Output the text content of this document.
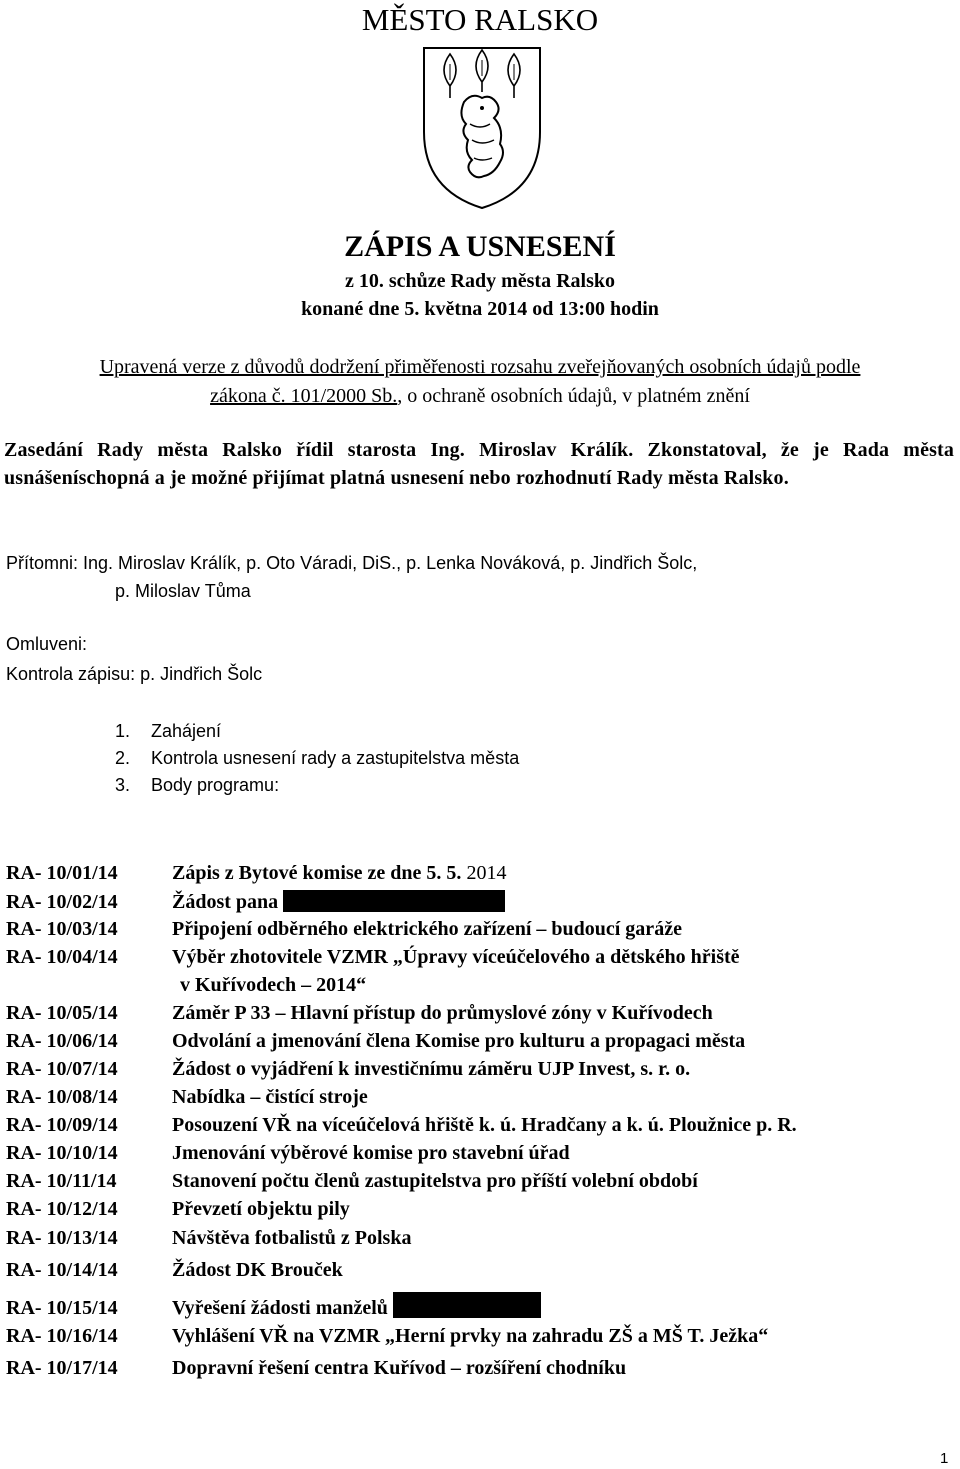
MĚSTO RALSKO
ZÁPIS A USNESENÍ
z 10. schůze Rady města Ralsko
konané dne 5. května 2014 od 13:00 hodin
Upravená verze z důvodů dodržení přiměřenosti rozsahu zveřejňovaných osobních údajů podle
zákona č. 101/2000 Sb., o ochraně osobních údajů, v platném znění
Zasedání Rady města Ralsko řídil starosta Ing. Miroslav Králík. Zkonstatoval, že je Rada města usnášeníschopná a je možné přijímat platná usnesení nebo rozhodnutí Rady města Ralsko.
Přítomni: Ing. Miroslav Králík, p. Oto Váradi, DiS., p. Lenka Nováková, p. Jindřich Šolc,
p. Miloslav Tůma
Omluveni:
Kontrola zápisu: p. Jindřich Šolc
1. Zahájení
2. Kontrola usnesení rady a zastupitelstva města
3. Body programu:
RA- 10/01/14	Zápis z Bytové komise ze dne 5. 5. 2014
RA- 10/02/14	Žádost pana
RA- 10/03/14	Připojení odběrného elektrického zařízení – budoucí garáže
RA- 10/04/14	Výběr zhotovitele VZMR „Úpravy víceúčelového a dětského hřiště
v Kuřívodech – 2014“
RA- 10/05/14	Záměr P 33 – Hlavní přístup do průmyslové zóny v Kuřívodech
RA- 10/06/14	Odvolání a jmenování člena Komise pro kulturu a propagaci města
RA- 10/07/14	Žádost o vyjádření k investičnímu záměru UJP Invest, s. r. o.
RA- 10/08/14	Nabídka – čistící stroje
RA- 10/09/14	Posouzení VŘ na víceúčelová hřiště k. ú. Hradčany a k. ú. Ploužnice p. R.
RA- 10/10/14	Jmenování výběrové komise pro stavební úřad
RA- 10/11/14	Stanovení počtu členů zastupitelstva pro příští volební období
RA- 10/12/14	Převzetí objektu pily
RA- 10/13/14	Návštěva fotbalistů z Polska
RA- 10/14/14	Žádost DK Brouček
RA- 10/15/14	Vyřešení žádosti manželů
RA- 10/16/14	Vyhlášení VŘ na VZMR „Herní prvky na zahradu ZŠ a MŠ T. Ježka“
RA- 10/17/14	Dopravní řešení centra Kuřívod – rozšíření chodníku
1
